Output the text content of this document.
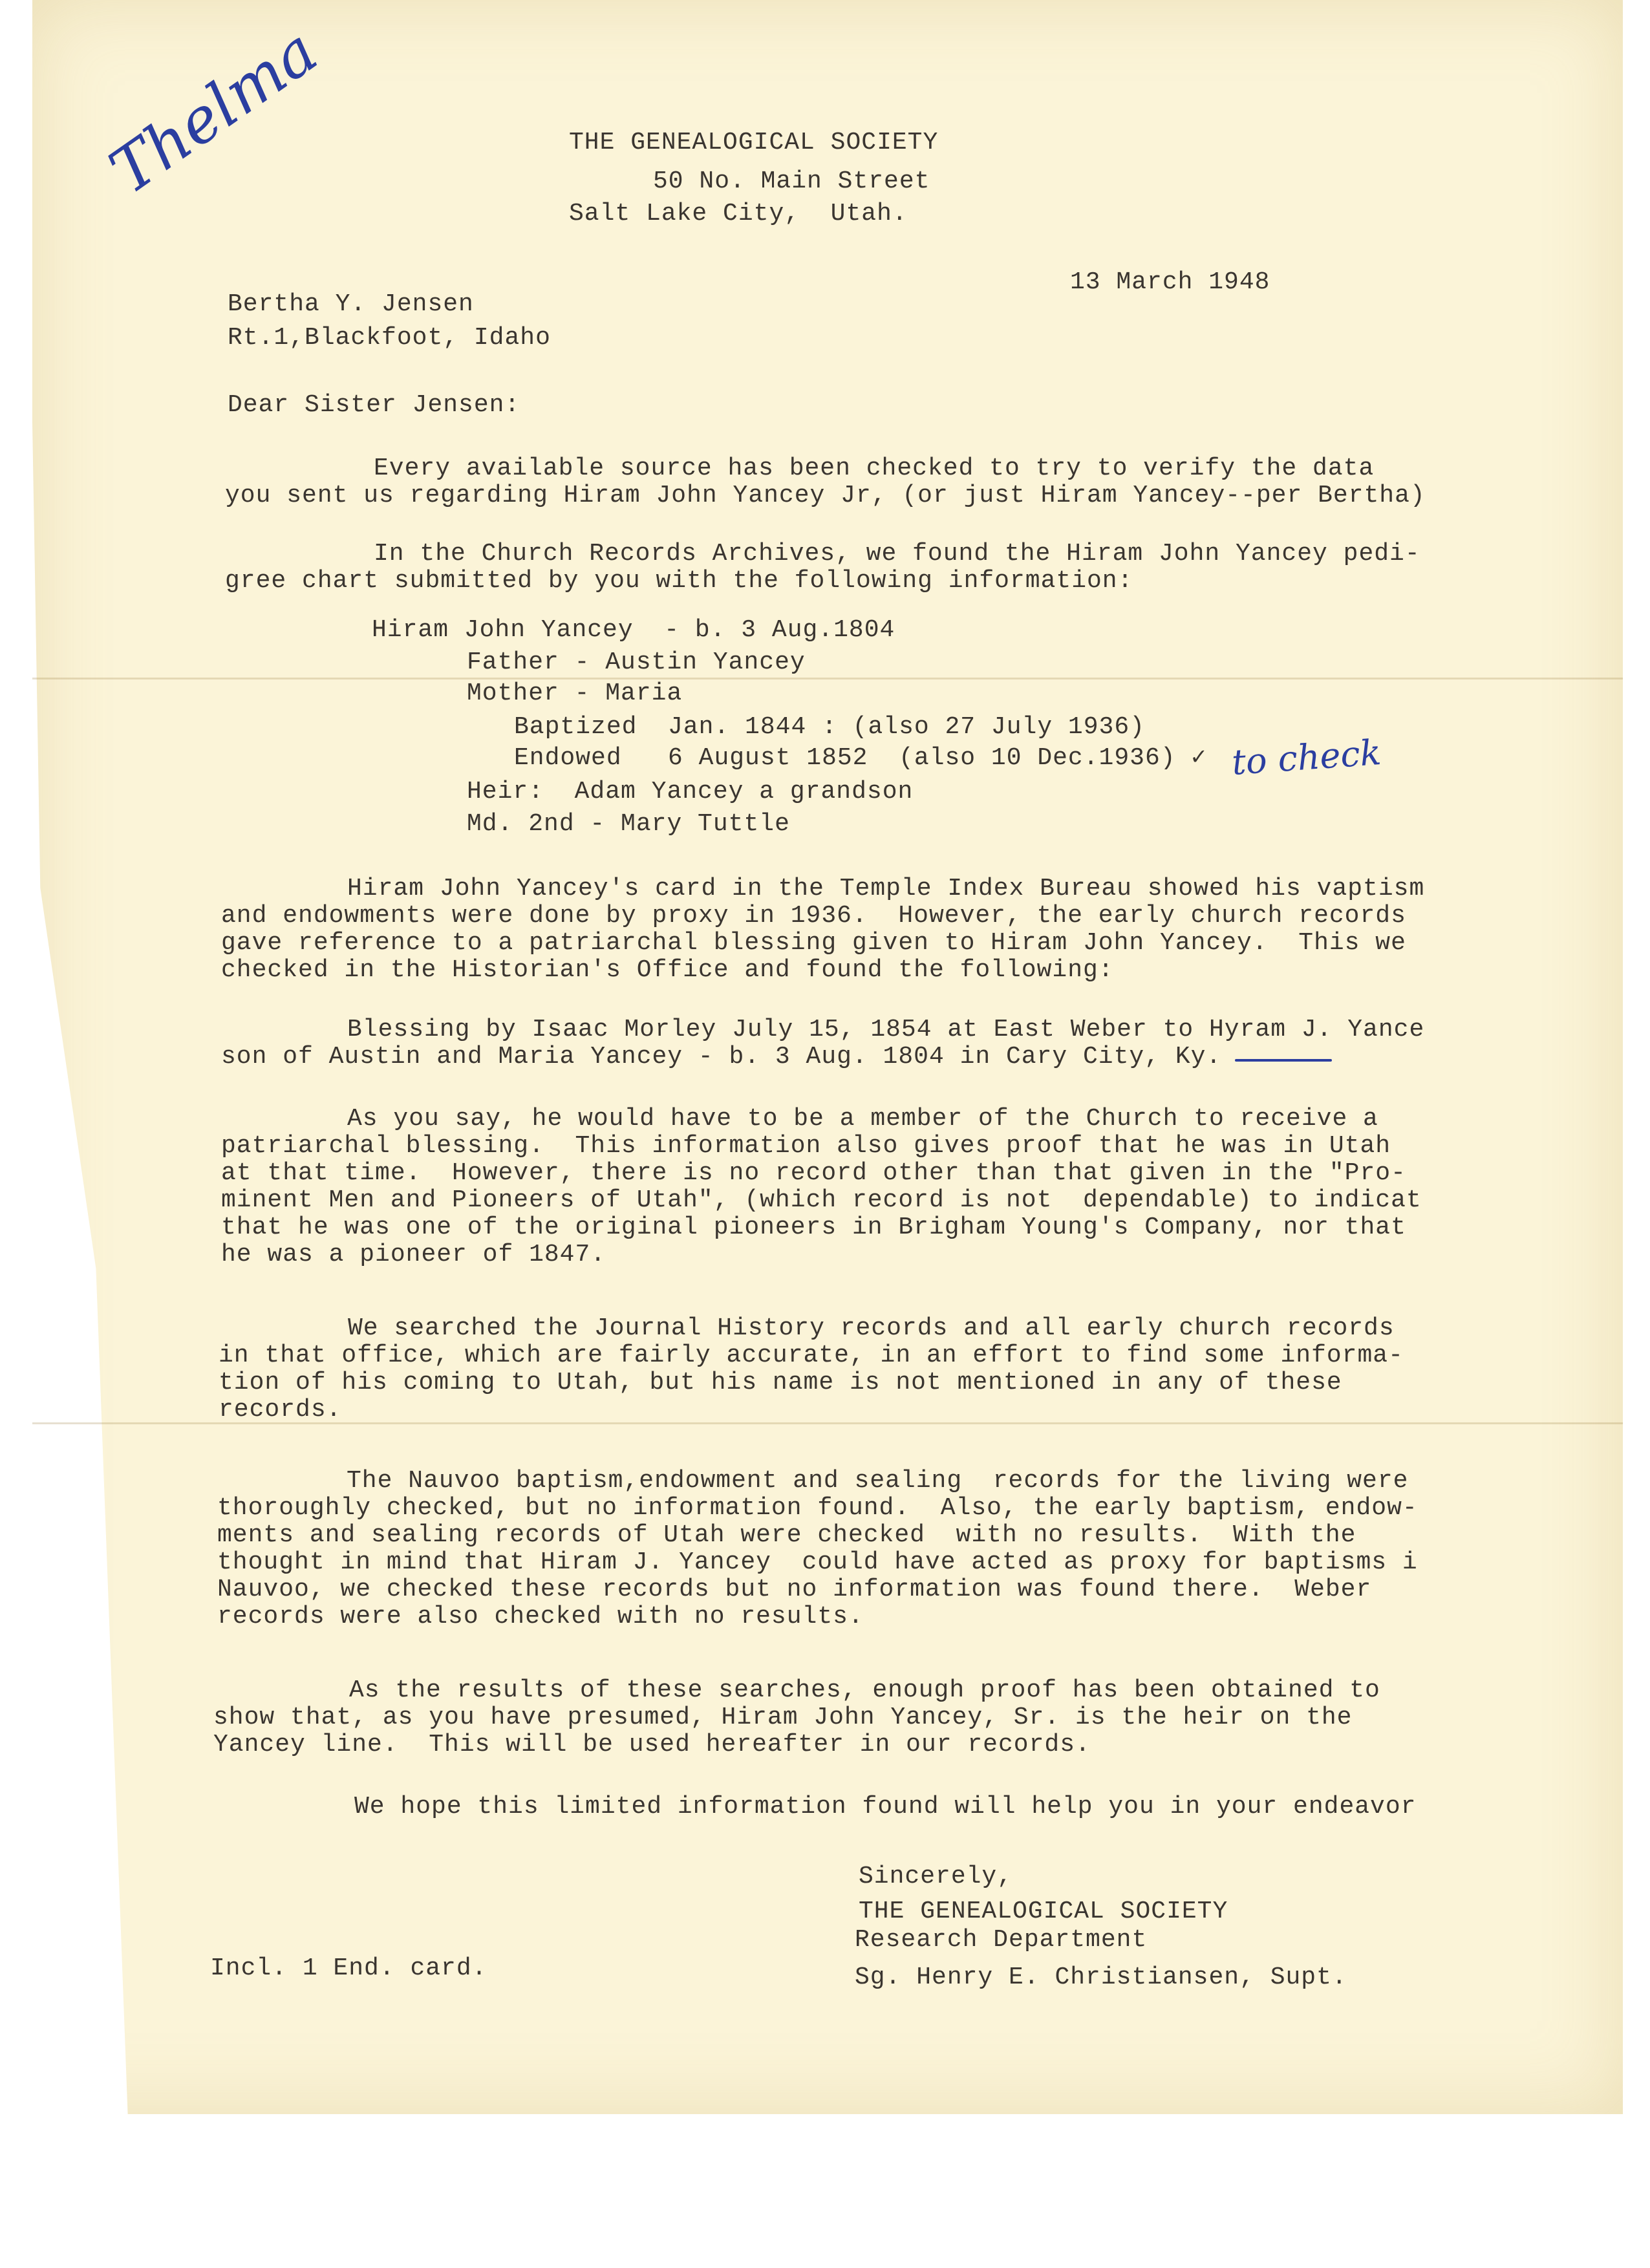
Thelma	THE GENEALOGICAL SOCIETY
50 No. Main Street
Salt Lake City,  Utah.
13 March 1948
Bertha Y. Jensen
Rt.1,Blackfoot, Idaho
Dear Sister Jensen:
Every available source has been checked to try to verify the data
you sent us regarding Hiram John Yancey Jr, (or just Hiram Yancey--per Bertha)
In the Church Records Archives, we found the Hiram John Yancey pedi-
gree chart submitted by you with the following information:
Hiram John Yancey  - b. 3 Aug.1804
Father - Austin Yancey
Mother - Maria
Baptized  Jan. 1844 : (also 27 July 1936)
Endowed   6 August 1852  (also 10 Dec.1936) ✓ to check
Heir:  Adam Yancey a grandson
Md. 2nd - Mary Tuttle
Hiram John Yancey's card in the Temple Index Bureau showed his vaptism
and endowments were done by proxy in 1936.  However, the early church records
gave reference to a patriarchal blessing given to Hiram John Yancey.  This we
checked in the Historian's Office and found the following:
Blessing by Isaac Morley July 15, 1854 at East Weber to Hyram J. Yance
son of Austin and Maria Yancey - b. 3 Aug. 1804 in Cary City, Ky.
As you say, he would have to be a member of the Church to receive a
patriarchal blessing.  This information also gives proof that he was in Utah
at that time.  However, there is no record other than that given in the "Pro-
minent Men and Pioneers of Utah", (which record is not  dependable) to indicat
that he was one of the original pioneers in Brigham Young's Company, nor that
he was a pioneer of 1847.
We searched the Journal History records and all early church records
in that office, which are fairly accurate, in an effort to find some informa-
tion of his coming to Utah, but his name is not mentioned in any of these
records.
The Nauvoo baptism,endowment and sealing  records for the living were
thoroughly checked, but no information found.  Also, the early baptism, endow-
ments and sealing records of Utah were checked  with no results.  With the
thought in mind that Hiram J. Yancey  could have acted as proxy for baptisms i
Nauvoo, we checked these records but no information was found there.  Weber
records were also checked with no results.
As the results of these searches, enough proof has been obtained to
show that, as you have presumed, Hiram John Yancey, Sr. is the heir on the
Yancey line.  This will be used hereafter in our records.
We hope this limited information found will help you in your endeavor
Sincerely,
THE GENEALOGICAL SOCIETY
Research Department
Sg. Henry E. Christiansen, Supt.
Incl. 1 End. card.
